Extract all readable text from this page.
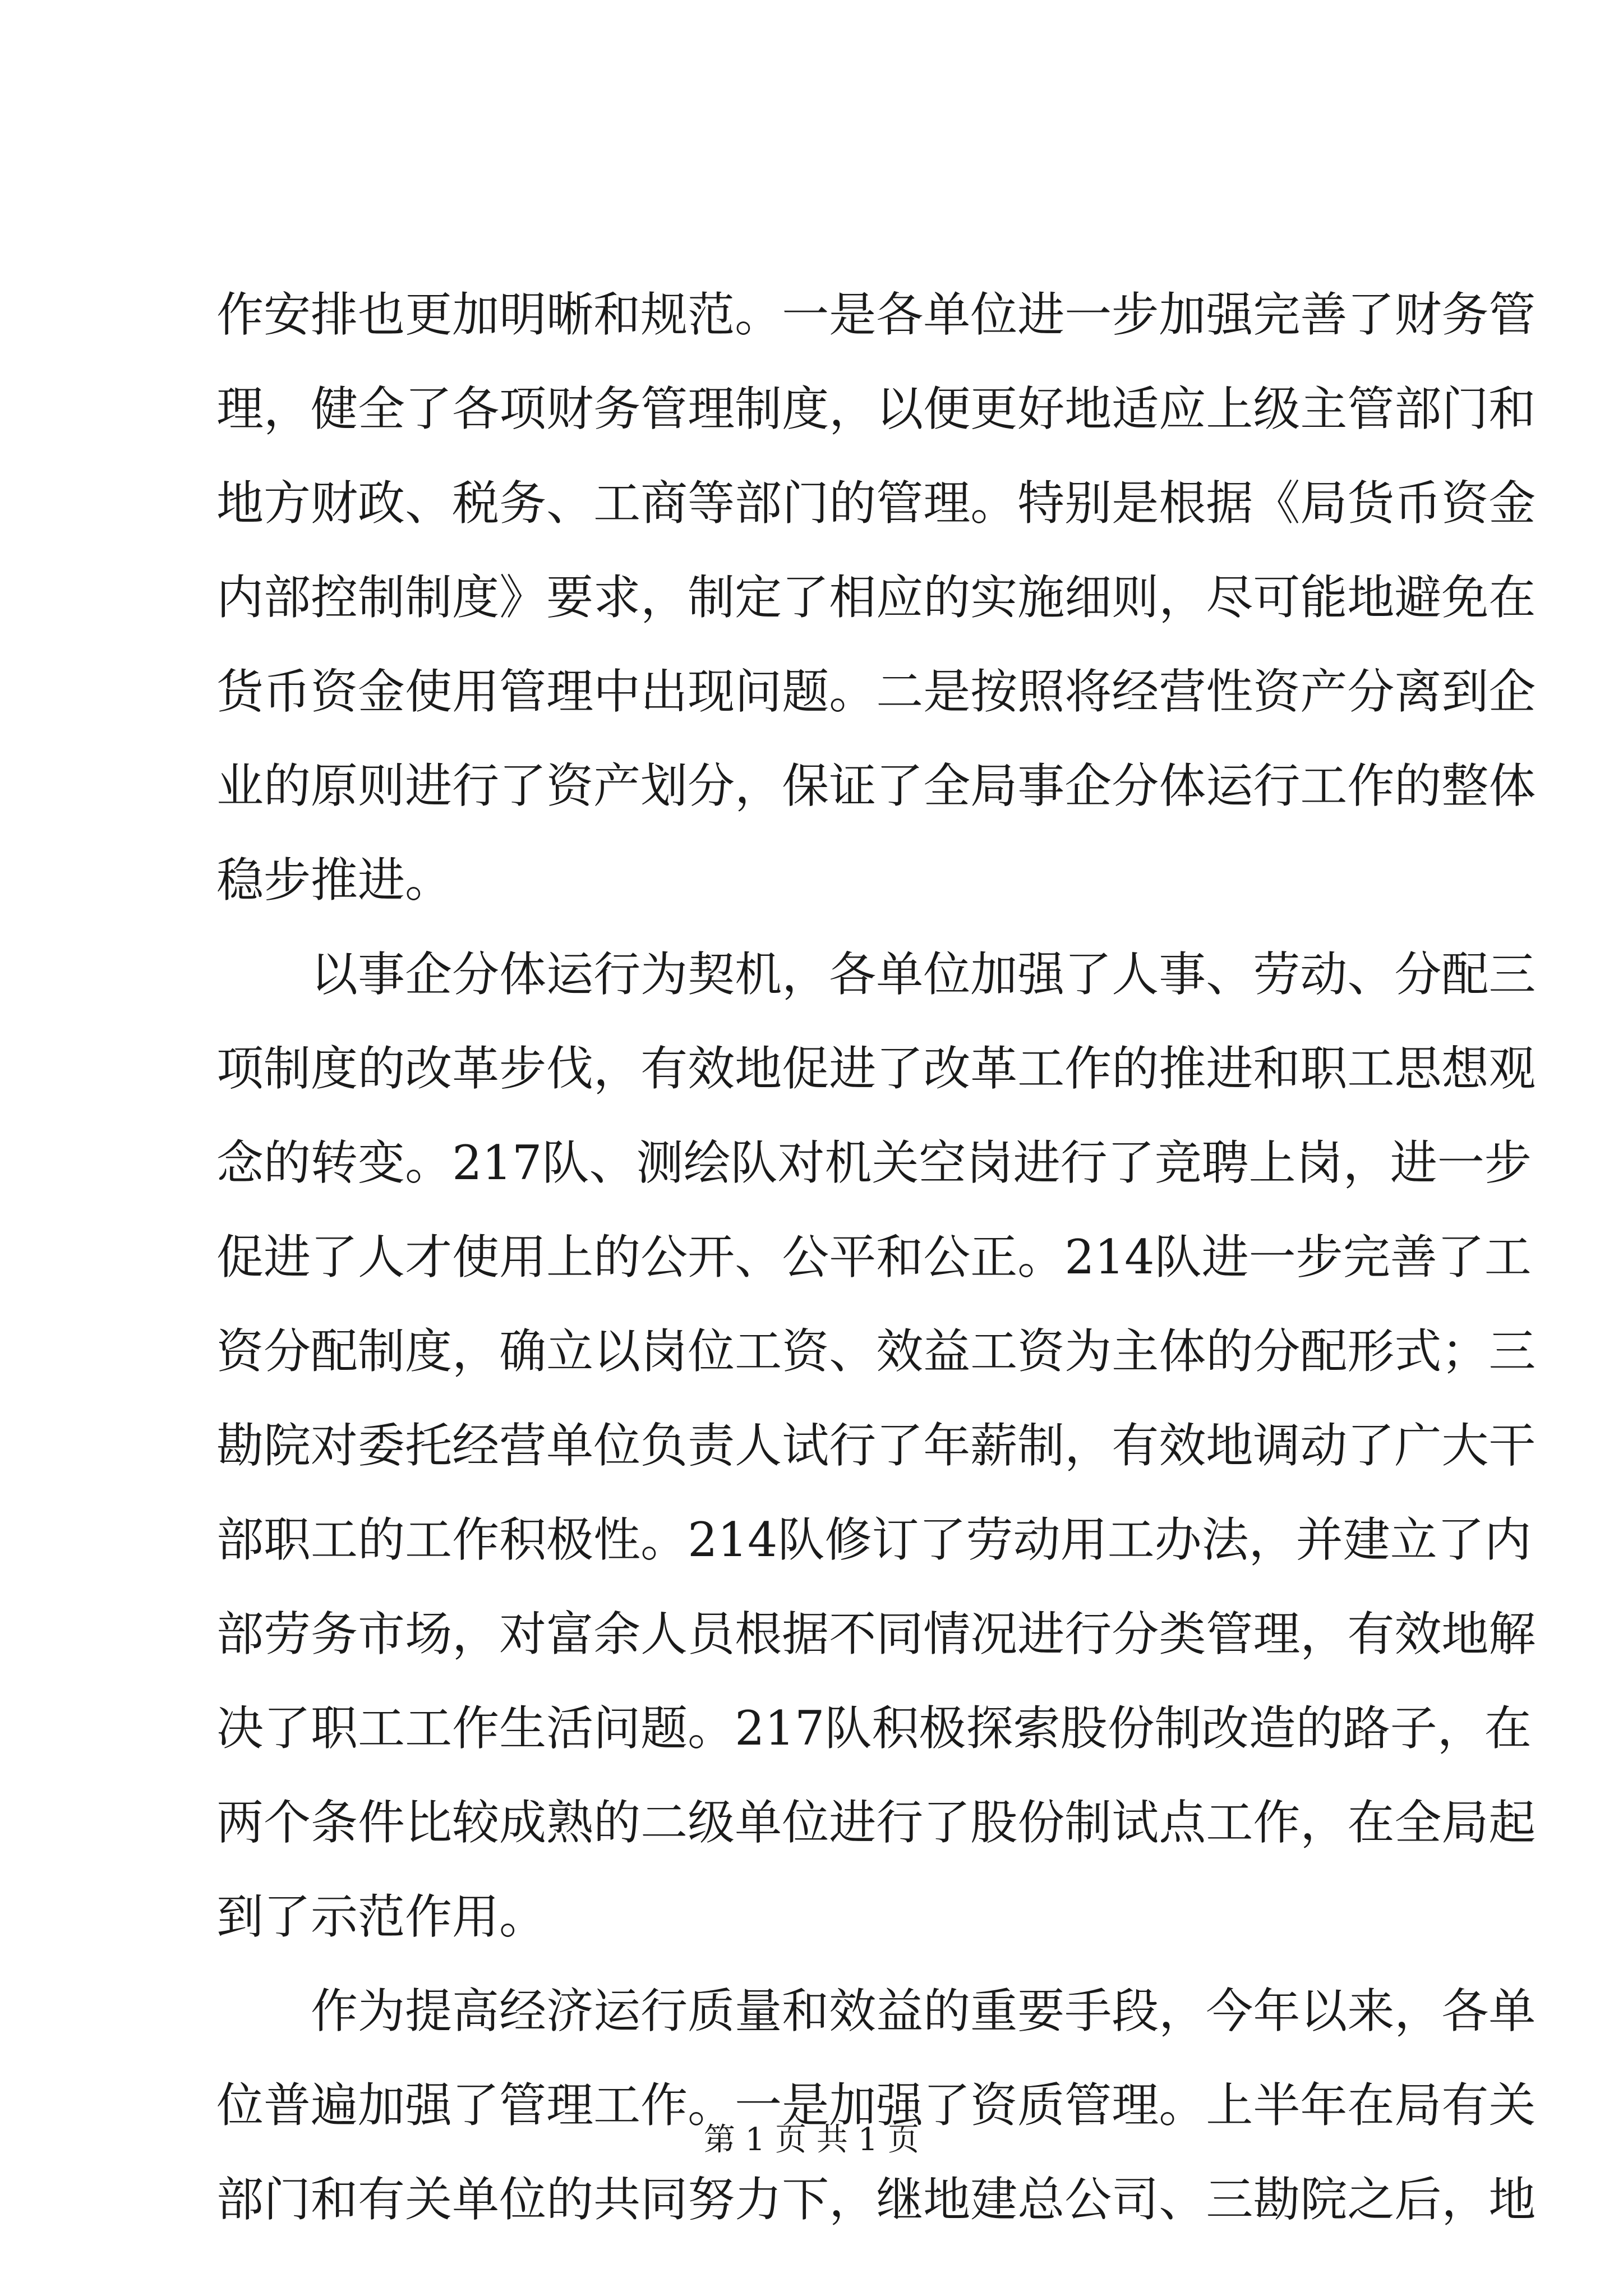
作 安 排 也 更 加 明 晰 和 规 范 。 一 是 各 单 位 进 一 步 加 强 完 善 了 财 务 管
理 ， 健 全 了 各 项 财 务 管 理 制 度 ， 以 便 更 好 地 适 应 上 级 主 管 部 门 和
地 方 财 政 、 税 务 、 工 商 等 部 门 的 管 理 。 特 别 是 根 据 《 局 货 币 资 金
内 部 控 制 制 度 》 要 求 ， 制 定 了 相 应 的 实 施 细 则 ， 尽 可 能 地 避 免 在
货 币 资 金 使 用 管 理 中 出 现 问 题 。 二 是 按 照 将 经 营 性 资 产 分 离 到 企
业 的 原 则 进 行 了 资 产 划 分 ， 保 证 了 全 局 事 企 分 体 运 行 工 作 的 整 体
稳步推进。
以 事 企 分 体 运 行 为 契 机 ， 各 单 位 加 强 了 人 事 、 劳 动 、 分 配 三
项 制 度 的 改 革 步 伐 ， 有 效 地 促 进 了 改 革 工 作 的 推 进 和 职 工 思 想 观
念 的 转 变 。 217 队 、 测 绘 队 对 机 关 空 岗 进 行 了 竞 聘 上 岗 ， 进 一 步
促 进 了 人 才 使 用 上 的 公 开 、 公 平 和 公 正 。 214 队 进 一 步 完 善 了 工
资 分 配 制 度 ， 确 立 以 岗 位 工 资 、 效 益 工 资 为 主 体 的 分 配 形 式 ； 三
勘 院 对 委 托 经 营 单 位 负 责 人 试 行 了 年 薪 制 ， 有 效 地 调 动 了 广 大 干
部 职 工 的 工 作 积 极 性 。 214 队 修 订 了 劳 动 用 工 办 法 ， 并 建 立 了 内
部 劳 务 市 场 ， 对 富 余 人 员 根 据 不 同 情 况 进 行 分 类 管 理 ， 有 效 地 解
决 了 职 工 工 作 生 活 问 题 。 217 队 积 极 探 索 股 份 制 改 造 的 路 子 ， 在
两 个 条 件 比 较 成 熟 的 二 级 单 位 进 行 了 股 份 制 试 点 工 作 ， 在 全 局 起
到了示范作用。
作 为 提 高 经 济 运 行 质 量 和 效 益 的 重 要 手 段 ， 今 年 以 来 ， 各 单
位 普 遍 加 强 了 管 理 工 作 。 一 是 加 强 了 资 质 管 理 。 上 半 年 在 局 有 关
部 门 和 有 关 单 位 的 共 同 努 力 下 ， 继 地 建 总 公 司 、 三 勘 院 之 后 ， 地
第 1 页 共 1 页
